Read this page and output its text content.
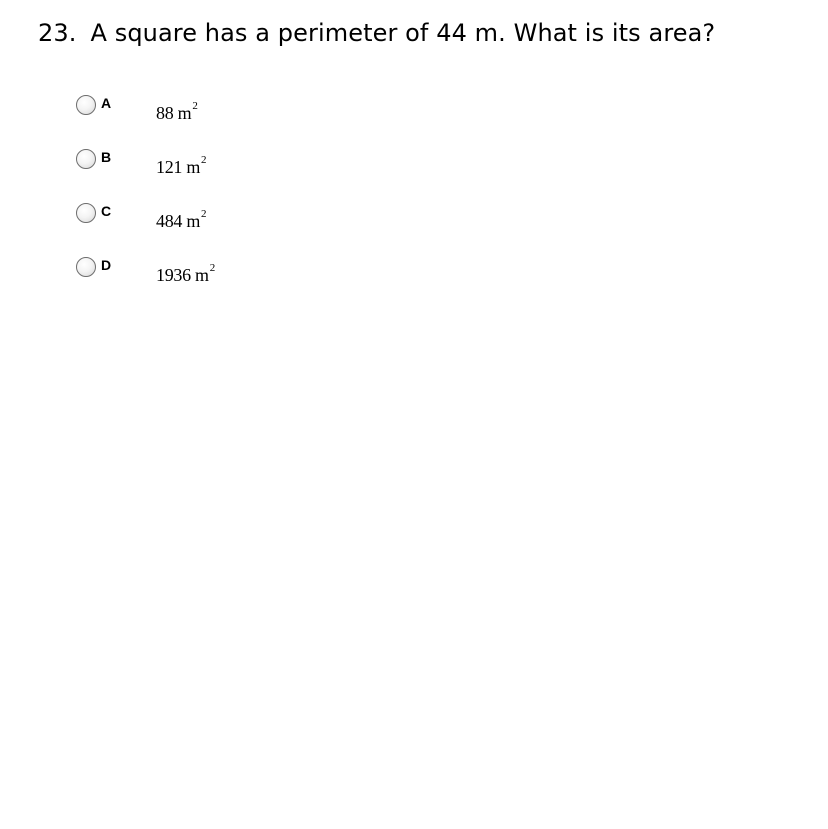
23. A square has a perimeter of 44 m. What is its area?
A 88 $m^2$
B 121 $m^2$
C 484 $m^2$
D 1936 $m^2$
